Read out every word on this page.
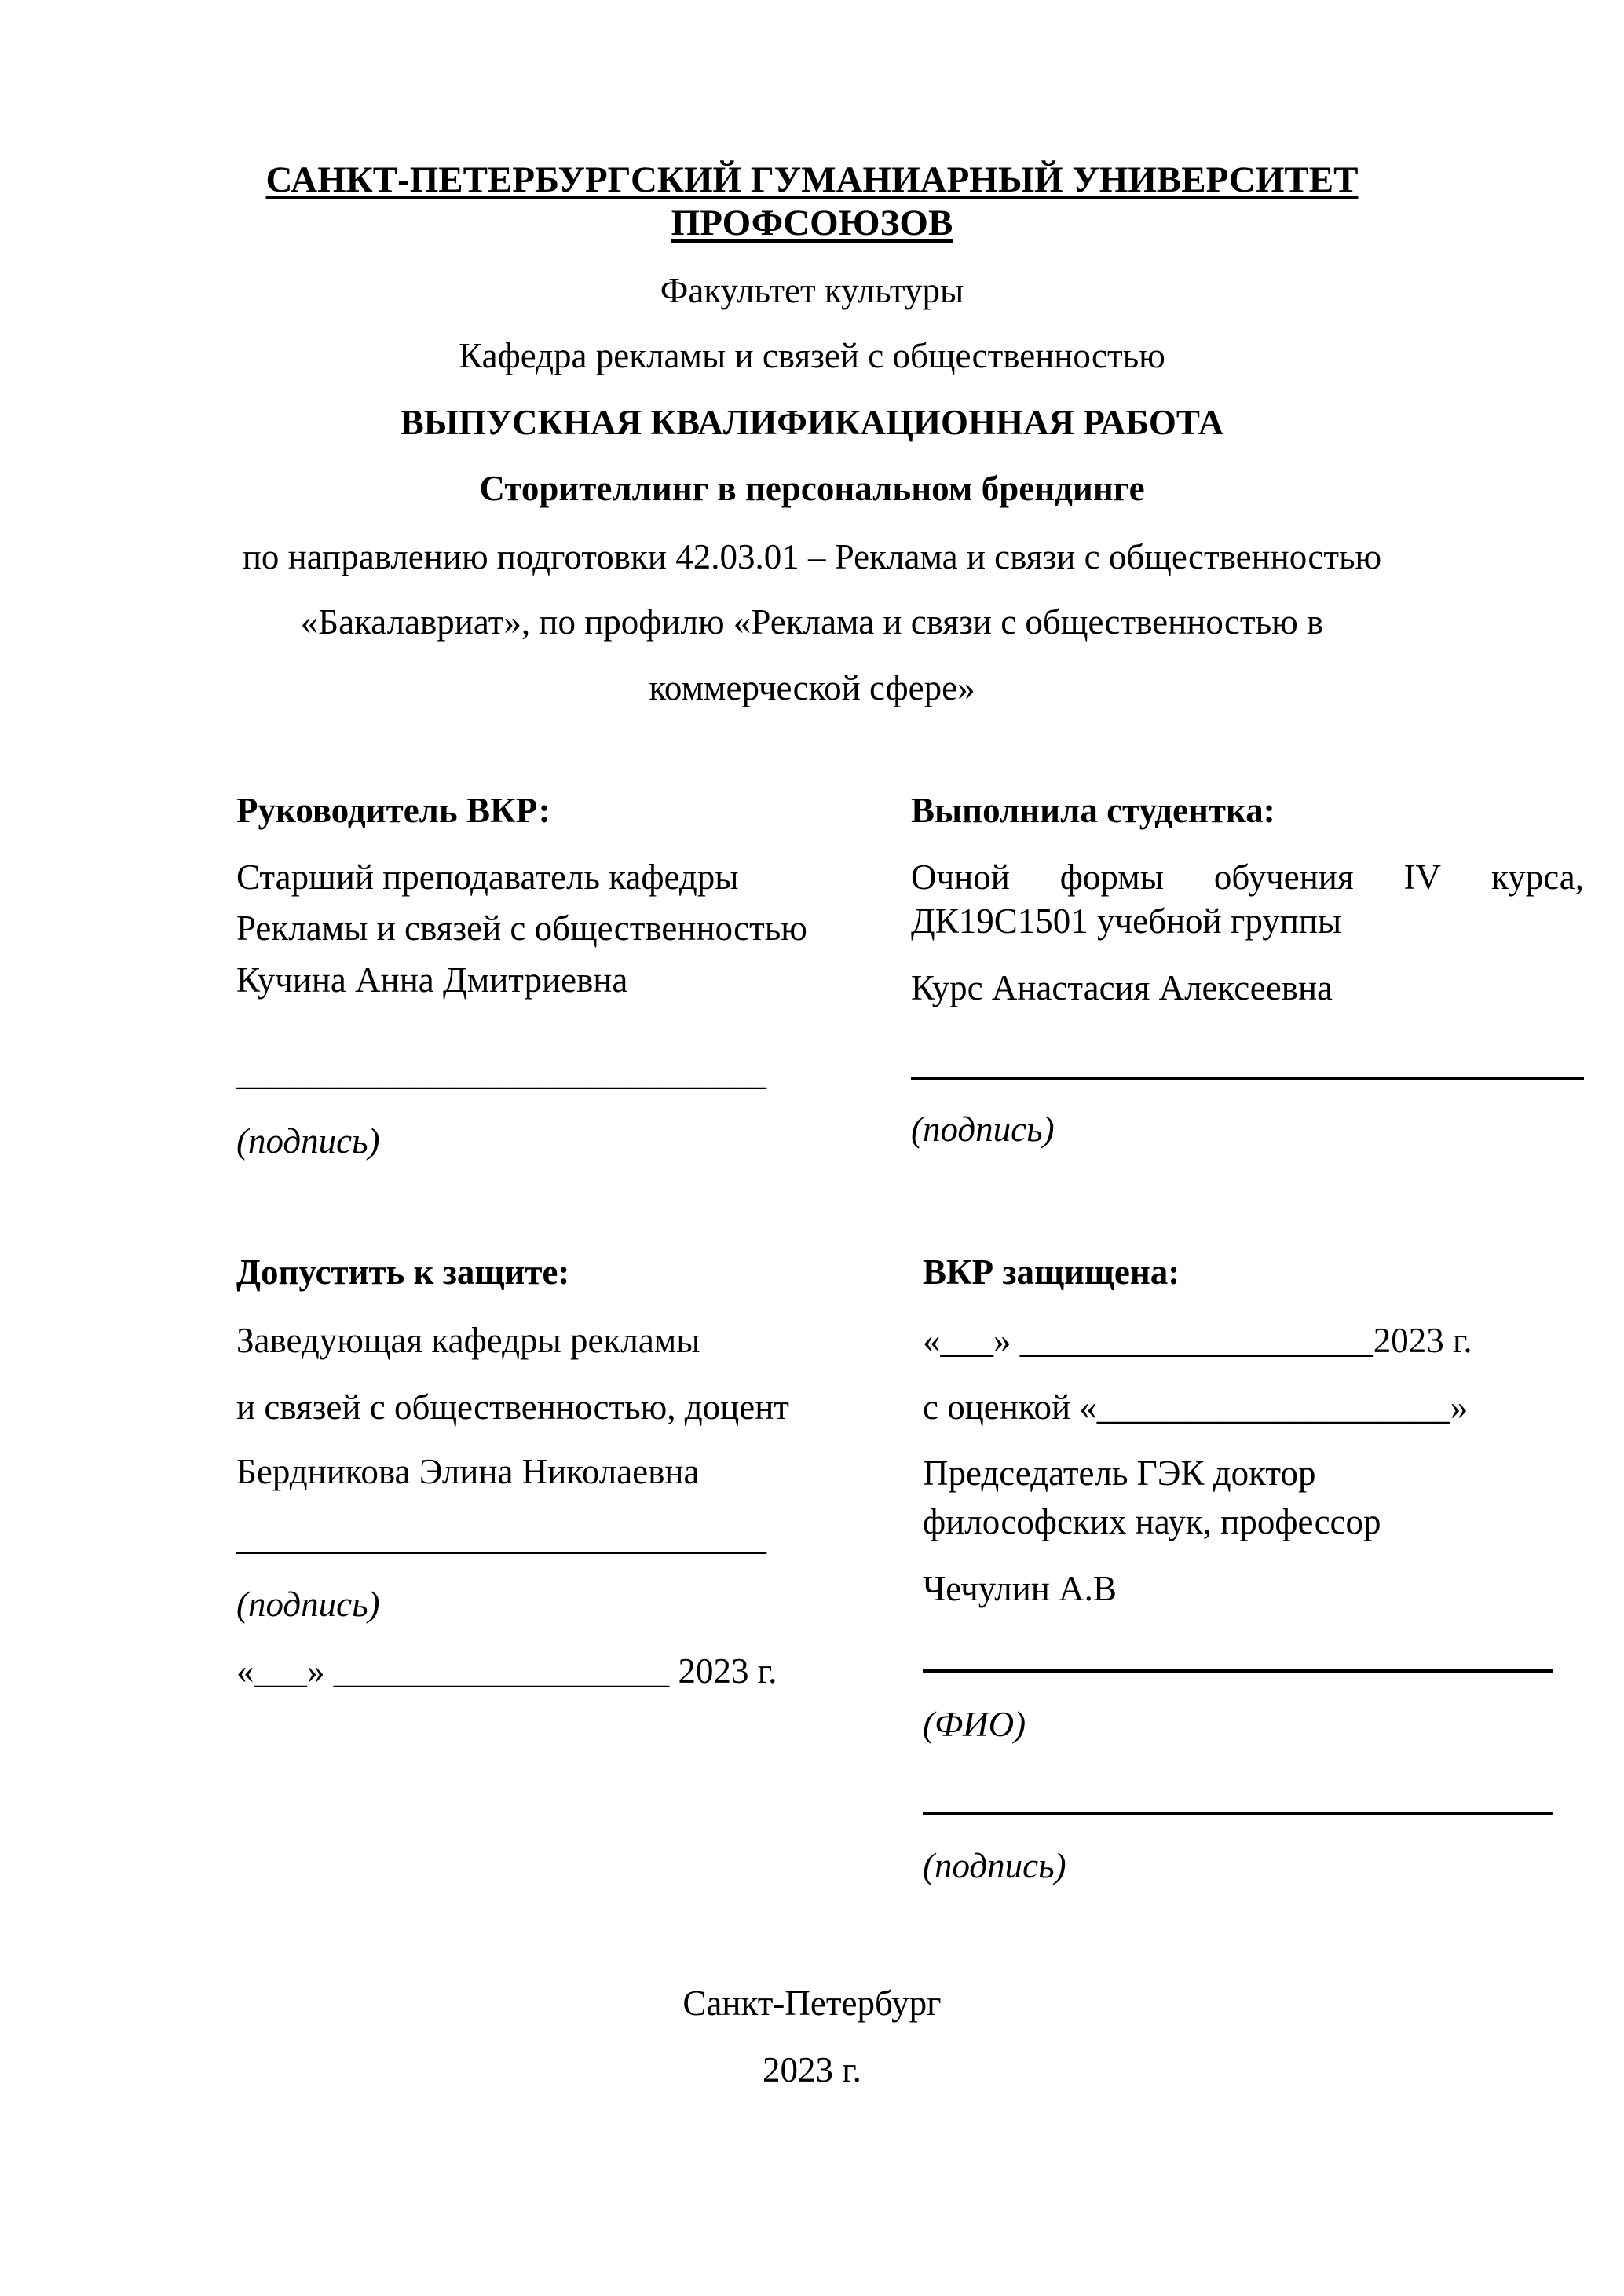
САНКТ-ПЕТЕРБУРГСКИЙ ГУМАНИАРНЫЙ УНИВЕРСИТЕТ
ПРОФСОЮЗОВ
Факультет культуры
Кафедра рекламы и связей с общественностью
ВЫПУСКНАЯ КВАЛИФИКАЦИОННАЯ РАБОТА
Сторителлинг в персональном брендинге
по направлению подготовки 42.03.01 – Реклама и связи с общественностью
«Бакалавриат», по профилю «Реклама и связи с общественностью в
коммерческой сфере»
Руководитель ВКР:
Старший преподаватель кафедры
Рекламы и связей с общественностью
Кучина Анна Дмитриевна
______________________________
(подпись)
Выполнила студентка:
Очной формы обучения IV курса,
ДК19С1501 учебной группы
Курс Анастасия Алексеевна
(подпись)
Допустить к защите:
Заведующая кафедры рекламы
и связей с общественностью, доцент
Бердникова Элина Николаевна
______________________________
(подпись)
«___» ___________________ 2023 г.
ВКР защищена:
«___» ____________________2023 г.
с оценкой «____________________»
Председатель ГЭК доктор
философских наук, профессор
Чечулин А.В
(ФИО)
(подпись)
Санкт-Петербург
2023 г.
